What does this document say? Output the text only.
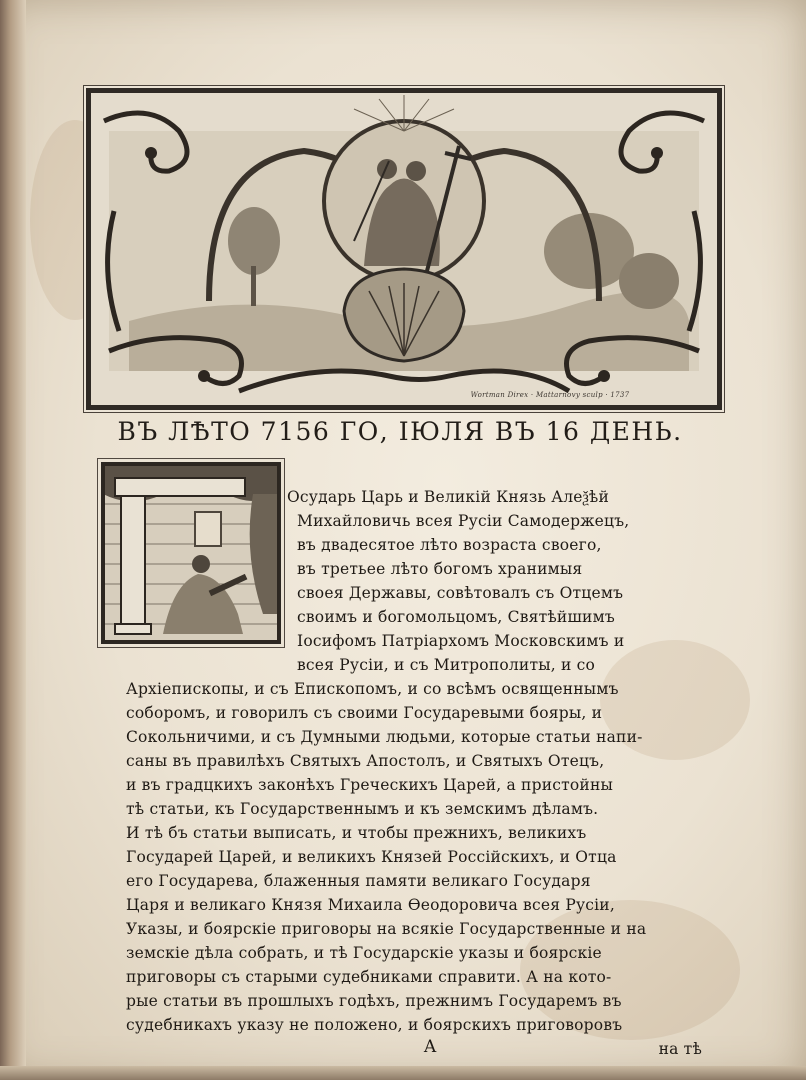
Wortman Direx · Mattarnovy sculp · 1737
ВЪ ЛѢТО 7156 ГО, ІЮЛЯ ВЪ 16 ДЕНЬ.
Осударь Царь и Великій Князь Алеѯѣй
Михайловичь всея Русіи Самодержецъ,
въ двадесятое лѣто возраста своего,
въ третьее лѣто богомъ хранимыя
своея Державы, совѣтовалъ съ Отцемъ
своимъ и богомольцомъ, Святѣйшимъ
Іосифомъ Патріархомъ Московскимъ и
всея Русіи, и съ Митрополиты, и со
Архіепископы, и съ Епископомъ, и со всѣмъ освященнымъ
соборомъ, и говорилъ съ своими Государевыми бояры, и
Сокольничими, и съ Думными людьми, которые статьи напи-
саны въ правилѣхъ Святыхъ Апостолъ, и Святыхъ Отецъ,
и въ градцкихъ законѣхъ Греческихъ Царей, а пристойны
тѣ статьи, къ Государственнымъ и къ земскимъ дѣламъ.
И тѣ бъ статьи выписать, и чтобы прежнихъ, великихъ
Государей Царей, и великихъ Князей Россійскихъ, и Отца
его Государева, блаженныя памяти великаго Государя
Царя и великаго Князя Михаила Ѳеодоровича всея Русіи,
Указы, и боярскіе приговоры на всякіе Государственные и на
земскіе дѣла собрать, и тѣ Государскіе указы и боярскіе
приговоры съ старыми судебниками справити. А на кото-
рые статьи въ прошлыхъ годѣхъ, прежнимъ Государемъ въ
судебникахъ указу не положено, и боярскихъ приговоровъ
на тѣ
А
